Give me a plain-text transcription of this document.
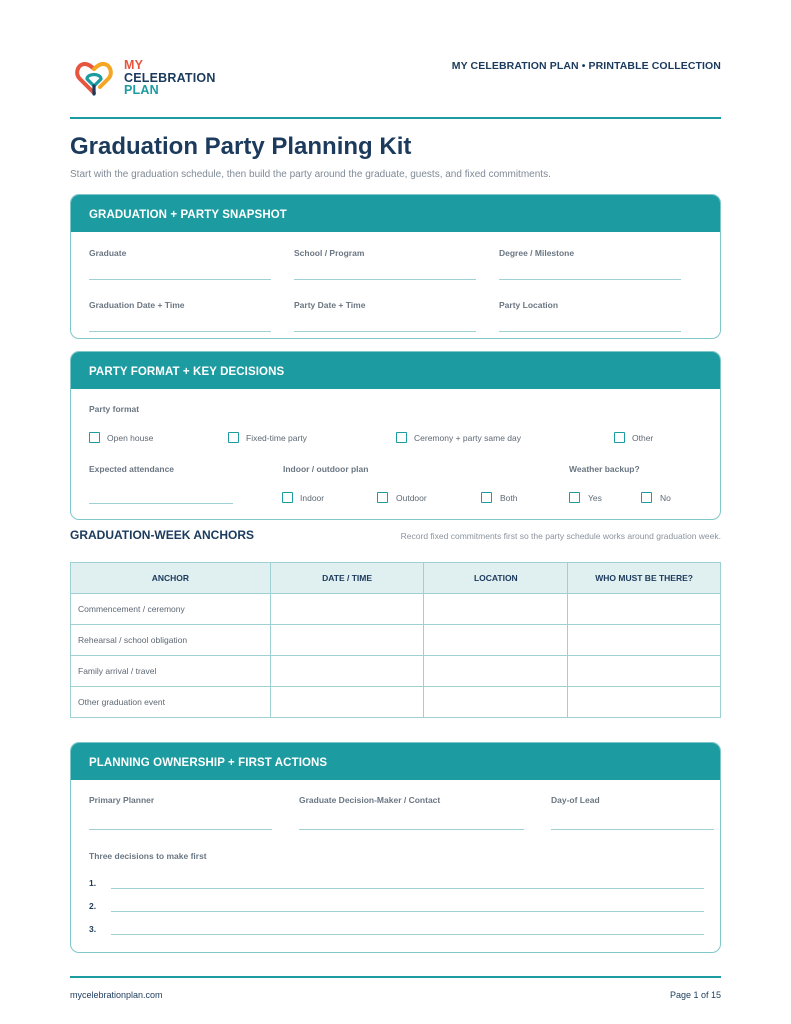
MY
CELEBRATION
PLAN
MY CELEBRATION PLAN • PRINTABLE COLLECTION
Graduation Party Planning Kit
Start with the graduation schedule, then build the party around the graduate, guests, and fixed commitments.
GRADUATION + PARTY SNAPSHOT
Graduate	School / Program	Degree / Milestone
Graduation Date + Time	Party Date + Time	Party Location
PARTY FORMAT + KEY DECISIONS
Party format
Open house	Fixed-time party	Ceremony + party same day	Other
Expected attendance	Indoor / outdoor plan
Indoor	Outdoor	Both
Weather backup?
Yes	No
GRADUATION-WEEK ANCHORS	Record fixed commitments first so the party schedule works around graduation week.
ANCHOR	DATE / TIME	LOCATION	WHO MUST BE THERE?
Commencement / ceremony			
Rehearsal / school obligation			
Family arrival / travel			
Other graduation event			
PLANNING OWNERSHIP + FIRST ACTIONS
Primary Planner	Graduate Decision-Maker / Contact	Day-of Lead
Three decisions to make first
1.
2.
3.
mycelebrationplan.com	Page 1 of 15
